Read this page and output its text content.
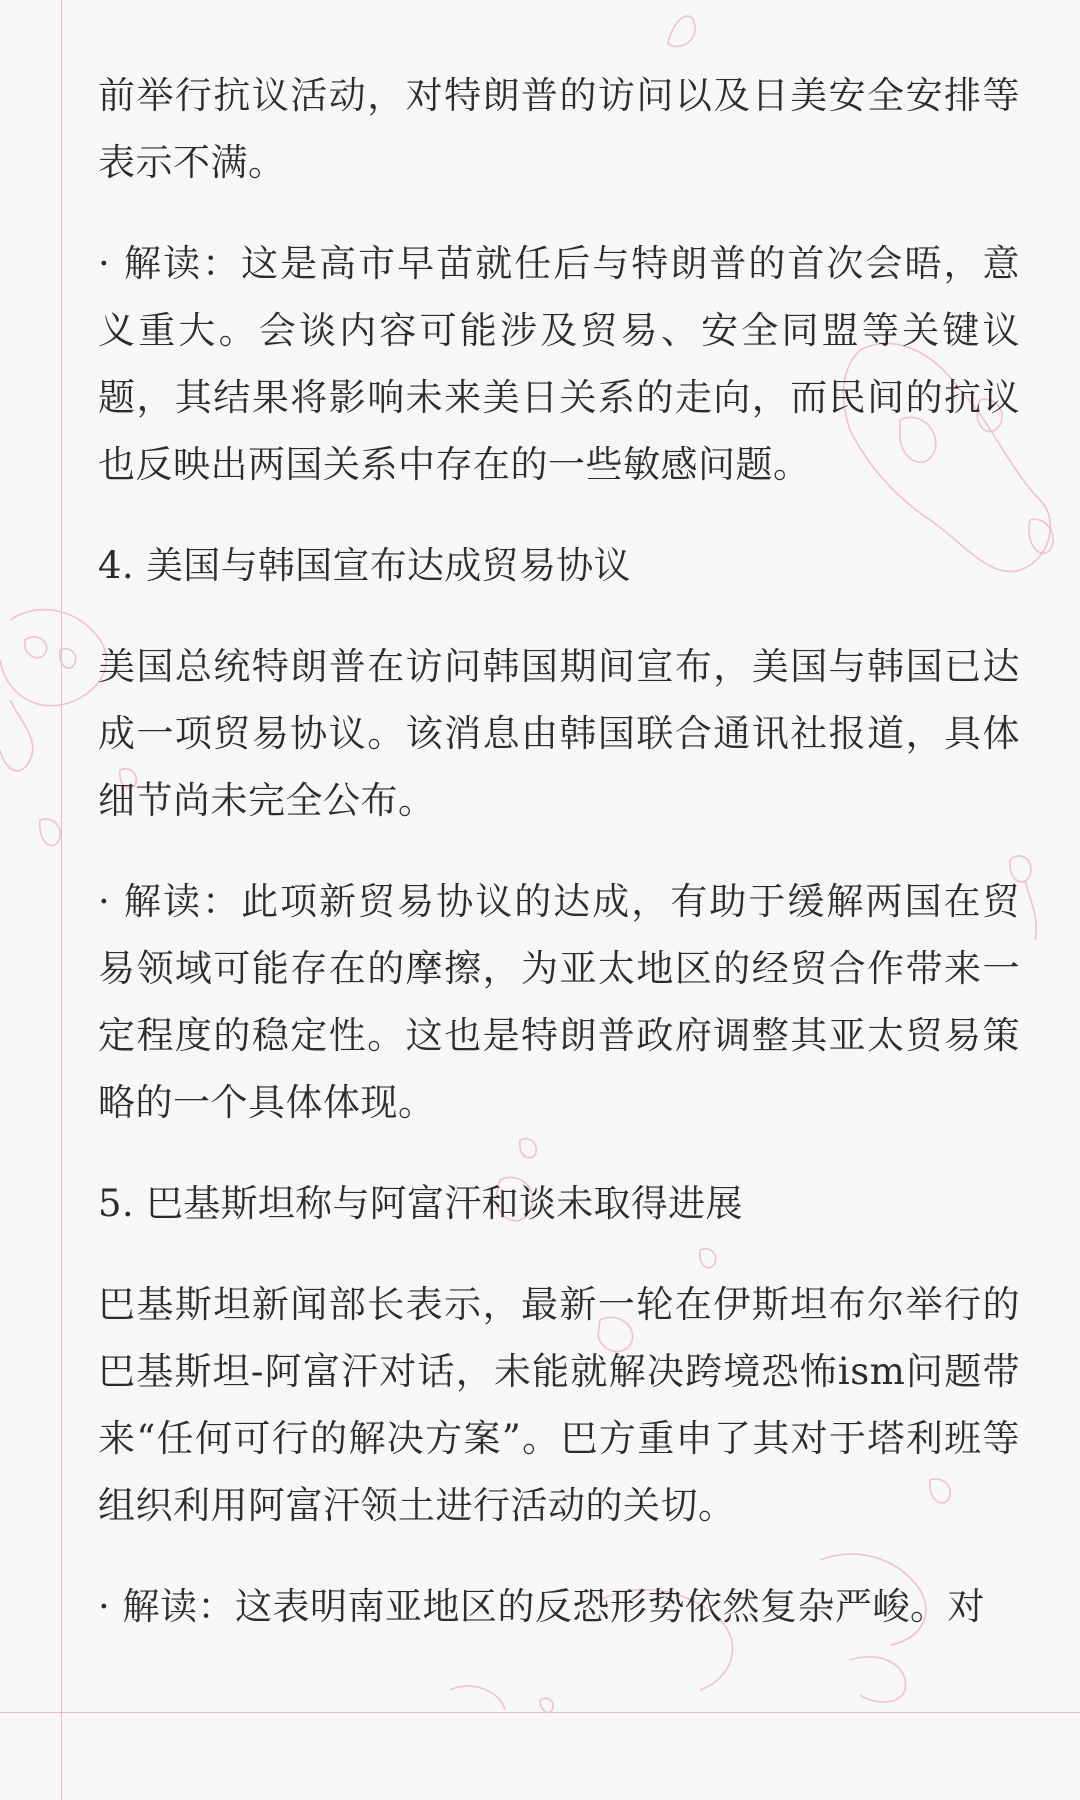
前举行抗议活动，对特朗普的访问以及日美安全安排等表示不满。

· 解读：这是高市早苗就任后与特朗普的首次会晤，意义重大。会谈内容可能涉及贸易、安全同盟等关键议题，其结果将影响未来美日关系的走向，而民间的抗议也反映出两国关系中存在的一些敏感问题。

4. 美国与韩国宣布达成贸易协议

美国总统特朗普在访问韩国期间宣布，美国与韩国已达成一项贸易协议。该消息由韩国联合通讯社报道，具体细节尚未完全公布。

· 解读：此项新贸易协议的达成，有助于缓解两国在贸易领域可能存在的摩擦，为亚太地区的经贸合作带来一定程度的稳定性。这也是特朗普政府调整其亚太贸易策略的一个具体体现。

5. 巴基斯坦称与阿富汗和谈未取得进展

巴基斯坦新闻部长表示，最新一轮在伊斯坦布尔举行的巴基斯坦-阿富汗对话，未能就解决跨境恐怖ism问题带来“任何可行的解决方案”。巴方重申了其对于塔利班等组织利用阿富汗领土进行活动的关切。

· 解读：这表明南亚地区的反恐形势依然复杂严峻。对
